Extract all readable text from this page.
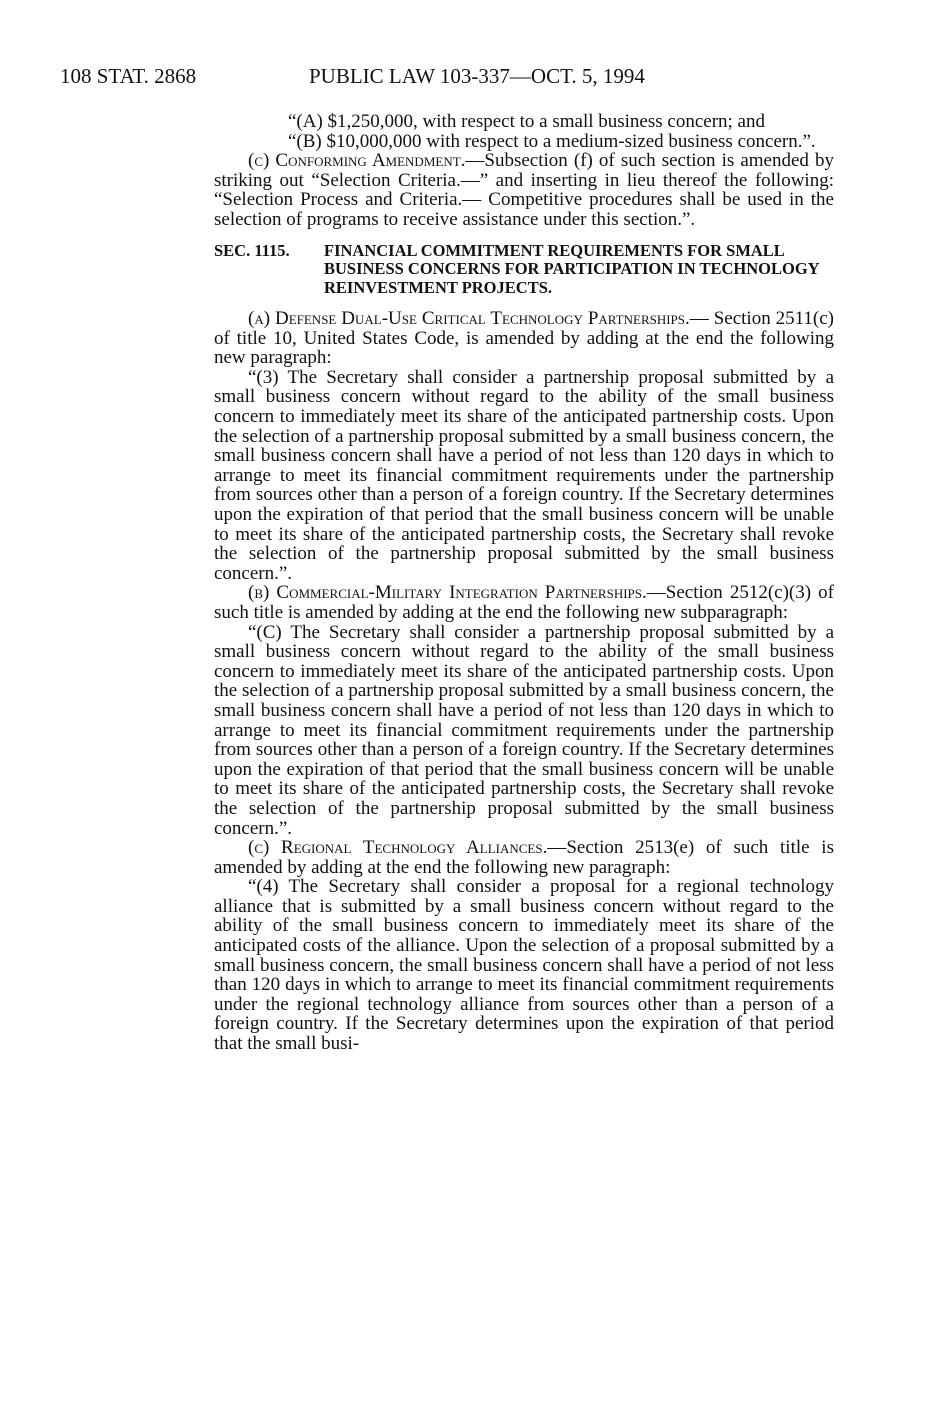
108 STAT. 2868	PUBLIC LAW 103-337—OCT. 5, 1994

“(A) $1,250,000, with respect to a small business concern; and

“(B) $10,000,000 with respect to a medium-sized business concern.”.

(c) Conforming Amendment.—Subsection (f) of such section is amended by striking out “Selection Criteria.—” and inserting in lieu thereof the following: “Selection Process and Criteria.— Competitive procedures shall be used in the selection of programs to receive assistance under this section.”.

SEC. 1115.	FINANCIAL COMMITMENT REQUIREMENTS FOR SMALL BUSINESS CONCERNS FOR PARTICIPATION IN TECHNOLOGY REINVESTMENT PROJECTS.

(a) Defense Dual-Use Critical Technology Partnerships.— Section 2511(c) of title 10, United States Code, is amended by adding at the end the following new paragraph:

“(3) The Secretary shall consider a partnership proposal submitted by a small business concern without regard to the ability of the small business concern to immediately meet its share of the anticipated partnership costs. Upon the selection of a partnership proposal submitted by a small business concern, the small business concern shall have a period of not less than 120 days in which to arrange to meet its financial commitment requirements under the partnership from sources other than a person of a foreign country. If the Secretary determines upon the expiration of that period that the small business concern will be unable to meet its share of the anticipated partnership costs, the Secretary shall revoke the selection of the partnership proposal submitted by the small business concern.”.

(b) Commercial-Military Integration Partnerships.—Section 2512(c)(3) of such title is amended by adding at the end the following new subparagraph:

“(C) The Secretary shall consider a partnership proposal submitted by a small business concern without regard to the ability of the small business concern to immediately meet its share of the anticipated partnership costs. Upon the selection of a partnership proposal submitted by a small business concern, the small business concern shall have a period of not less than 120 days in which to arrange to meet its financial commitment requirements under the partnership from sources other than a person of a foreign country. If the Secretary determines upon the expiration of that period that the small business concern will be unable to meet its share of the anticipated partnership costs, the Secretary shall revoke the selection of the partnership proposal submitted by the small business concern.”.

(c) Regional Technology Alliances.—Section 2513(e) of such title is amended by adding at the end the following new paragraph:

“(4) The Secretary shall consider a proposal for a regional technology alliance that is submitted by a small business concern without regard to the ability of the small business concern to immediately meet its share of the anticipated costs of the alliance. Upon the selection of a proposal submitted by a small business concern, the small business concern shall have a period of not less than 120 days in which to arrange to meet its financial commitment requirements under the regional technology alliance from sources other than a person of a foreign country. If the Secretary determines upon the expiration of that period that the small busi-
